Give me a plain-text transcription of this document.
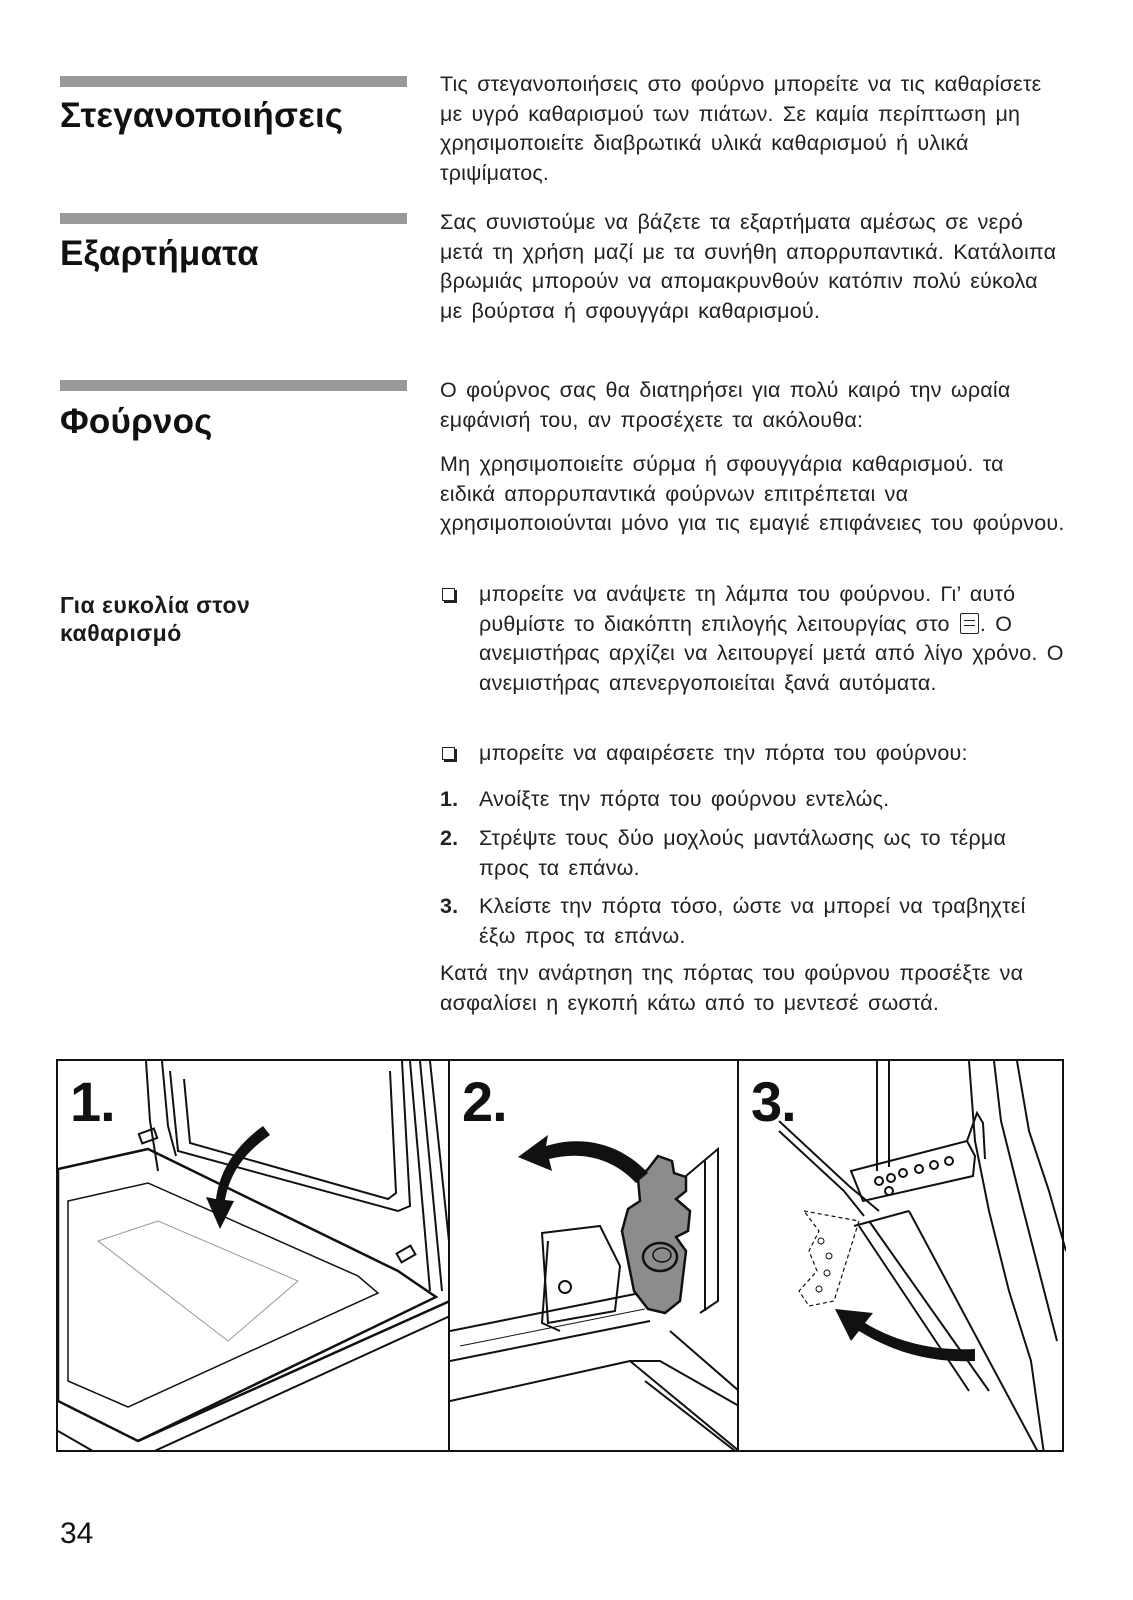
Στεγανοποιήσεις
Τις στεγανοποιήσεις στο φούρνο μπορείτε να τις καθαρίσετε με υγρό καθαρισμού των πιάτων. Σε καμία περίπτωση μη χρησιμοποιείτε διαβρωτικά υλικά καθαρισμού ή υλικά τριψίματος.
Εξαρτήματα
Σας συνιστούμε να βάζετε τα εξαρτήματα αμέσως σε νερό μετά τη χρήση μαζί με τα συνήθη απορρυπαντικά. Κατάλοιπα βρωμιάς μπορούν να απομακρυνθούν κατόπιν πολύ εύκολα με βούρτσα ή σφουγγάρι καθαρισμού.
Φούρνος
Ο φούρνος σας θα διατηρήσει για πολύ καιρό την ωραία εμφάνισή του, αν προσέχετε τα ακόλουθα:
Μη χρησιμοποιείτε σύρμα ή σφουγγάρια καθαρισμού. τα ειδικά απορρυπαντικά φούρνων επιτρέπεται να χρησιμοποιούνται μόνο για τις εμαγιέ επιφάνειες του φούρνου.
Για ευκολία στον καθαρισμό
μπορείτε να ανάψετε τη λάμπα του φούρνου. Γι’ αυτό ρυθμίστε το διακόπτη επιλογής λειτουργίας στο . Ο ανεμιστήρας αρχίζει να λειτουργεί μετά από λίγο χρόνο. Ο ανεμιστήρας απενεργοποιείται ξανά αυτόματα.
μπορείτε να αφαιρέσετε την πόρτα του φούρνου:
1. Ανοίξτε την πόρτα του φούρνου εντελώς.
2. Στρέψτε τους δύο μοχλούς μαντάλωσης ως το τέρμα προς τα επάνω.
3. Κλείστε την πόρτα τόσο, ώστε να μπορεί να τραβηχτεί έξω προς τα επάνω.
Κατά την ανάρτηση της πόρτας του φούρνου προσέξτε να ασφαλίσει η εγκοπή κάτω από το μεντεσέ σωστά.
1.	2.	3.
34
